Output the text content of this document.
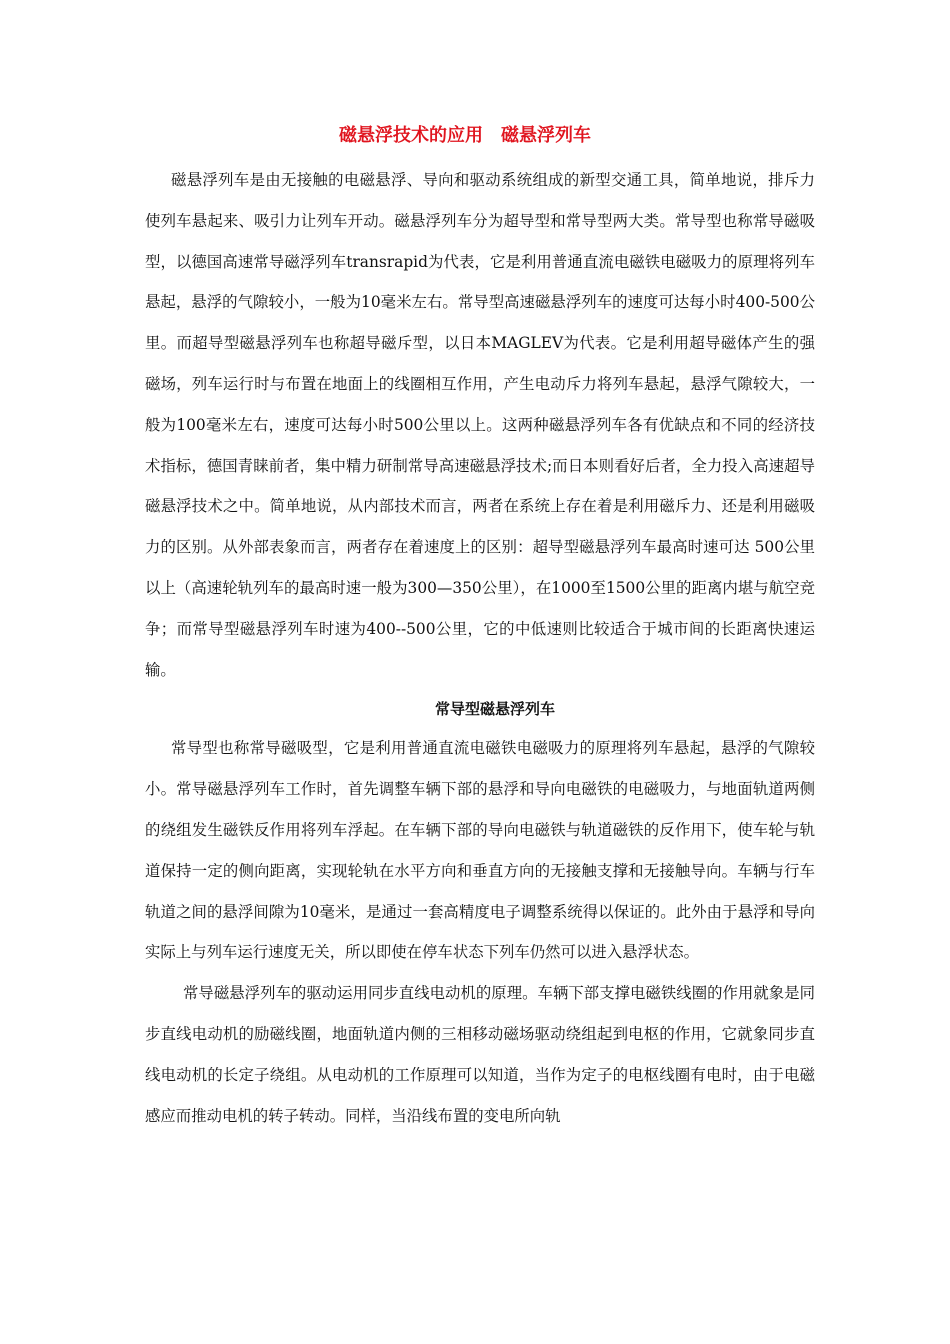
磁悬浮技术的应用　磁悬浮列车

磁悬浮列车是由无接触的电磁悬浮、导向和驱动系统组成的新型交通工具，简单地说，排斥力使列车悬起来、吸引力让列车开动。磁悬浮列车分为超导型和常导型两大类。常导型也称常导磁吸型，以德国高速常导磁浮列车transrapid为代表，它是利用普通直流电磁铁电磁吸力的原理将列车悬起，悬浮的气隙较小，一般为10毫米左右。常导型高速磁悬浮列车的速度可达每小时400-500公里。而超导型磁悬浮列车也称超导磁斥型，以日本MAGLEV为代表。它是利用超导磁体产生的强磁场，列车运行时与布置在地面上的线圈相互作用，产生电动斥力将列车悬起，悬浮气隙较大，一般为100毫米左右，速度可达每小时500公里以上。这两种磁悬浮列车各有优缺点和不同的经济技术指标，德国青睐前者，集中精力研制常导高速磁悬浮技术;而日本则看好后者，全力投入高速超导磁悬浮技术之中。简单地说，从内部技术而言，两者在系统上存在着是利用磁斥力、还是利用磁吸力的区别。从外部表象而言，两者存在着速度上的区别：超导型磁悬浮列车最高时速可达 500公里以上（高速轮轨列车的最高时速一般为300—350公里），在1000至1500公里的距离内堪与航空竞争；而常导型磁悬浮列车时速为400--500公里，它的中低速则比较适合于城市间的长距离快速运输。

常导型磁悬浮列车

常导型也称常导磁吸型，它是利用普通直流电磁铁电磁吸力的原理将列车悬起，悬浮的气隙较小。常导磁悬浮列车工作时，首先调整车辆下部的悬浮和导向电磁铁的电磁吸力，与地面轨道两侧的绕组发生磁铁反作用将列车浮起。在车辆下部的导向电磁铁与轨道磁铁的反作用下，使车轮与轨道保持一定的侧向距离，实现轮轨在水平方向和垂直方向的无接触支撑和无接触导向。车辆与行车轨道之间的悬浮间隙为10毫米，是通过一套高精度电子调整系统得以保证的。此外由于悬浮和导向实际上与列车运行速度无关，所以即使在停车状态下列车仍然可以进入悬浮状态。

常导磁悬浮列车的驱动运用同步直线电动机的原理。车辆下部支撑电磁铁线圈的作用就象是同步直线电动机的励磁线圈，地面轨道内侧的三相移动磁场驱动绕组起到电枢的作用，它就象同步直线电动机的长定子绕组。从电动机的工作原理可以知道，当作为定子的电枢线圈有电时，由于电磁感应而推动电机的转子转动。同样，当沿线布置的变电所向轨
